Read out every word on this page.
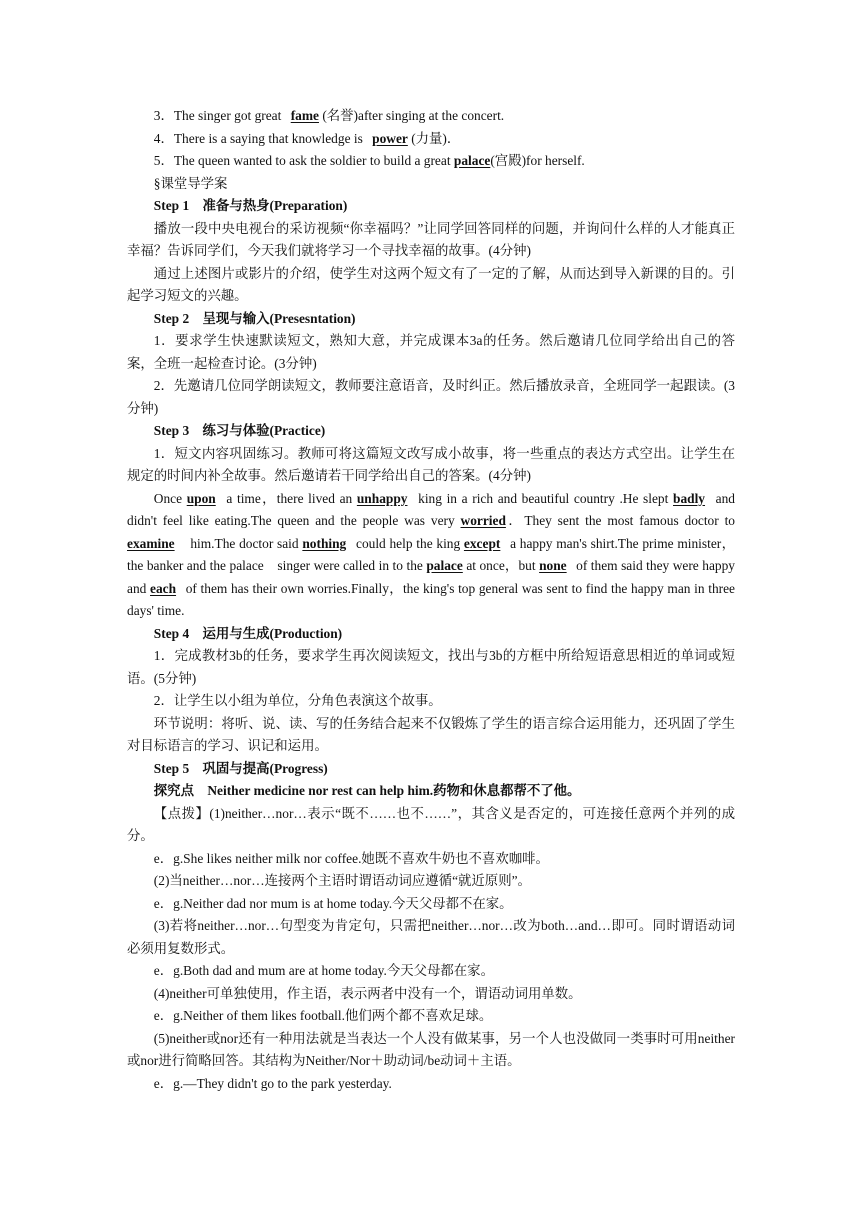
3．The singer got great fame (名誉)after singing at the concert.

4．There is a saying that knowledge is power (力量)．

5．The queen wanted to ask the soldier to build a great palace(宫殿)for herself.

§课堂导学案

Step 1　准备与热身(Preparation)

播放一段中央电视台的采访视频“你幸福吗？”让同学回答同样的问题，并询问什么样的人才能真正幸福？告诉同学们，今天我们就将学习一个寻找幸福的故事。(4分钟)

通过上述图片或影片的介绍，使学生对这两个短文有了一定的了解，从而达到导入新课的目的。引起学习短文的兴趣。

Step 2　呈现与输入(Presesntation)

1．要求学生快速默读短文，熟知大意，并完成课本3a的任务。然后邀请几位同学给出自己的答案，全班一起检查讨论。(3分钟)

2．先邀请几位同学朗读短文，教师要注意语音，及时纠正。然后播放录音，全班同学一起跟读。(3分钟)

Step 3　练习与体验(Practice)

1．短文内容巩固练习。教师可将这篇短文改写成小故事，将一些重点的表达方式空出。让学生在规定的时间内补全故事。然后邀请若干同学给出自己的答案。(4分钟)

Once upon a time，there lived an unhappy king in a rich and beautiful country .He slept badly and didn't feel like eating.The queen and the people was very worried．They sent the most famous doctor to examine him.The doctor said nothing could help the king except a happy man's shirt.The prime minister，the banker and the palace　singer were called in to the palace at once，but none of them said they were happy and each of them has their own worries.Finally，the king's top general was sent to find the happy man in three days' time.

Step 4　运用与生成(Production)

1．完成教材3b的任务，要求学生再次阅读短文，找出与3b的方框中所给短语意思相近的单词或短语。(5分钟)

2．让学生以小组为单位，分角色表演这个故事。

环节说明：将听、说、读、写的任务结合起来不仅锻炼了学生的语言综合运用能力，还巩固了学生对目标语言的学习、识记和运用。

Step 5　巩固与提高(Progress)

探究点　Neither medicine nor rest can help him.药物和休息都帮不了他。

【点拨】(1)neither…nor…表示“既不……也不……”，其含义是否定的，可连接任意两个并列的成分。

e．g.She likes neither milk nor coffee.她既不喜欢牛奶也不喜欢咖啡。

(2)当neither…nor…连接两个主语时谓语动词应遵循“就近原则”。

e．g.Neither dad nor mum is at home today.今天父母都不在家。

(3)若将neither…nor…句型变为肯定句，只需把neither…nor…改为both…and…即可。同时谓语动词必须用复数形式。

e．g.Both dad and mum are at home today.今天父母都在家。

(4)neither可单独使用，作主语，表示两者中没有一个，谓语动词用单数。

e．g.Neither of them likes football.他们两个都不喜欢足球。

(5)neither或nor还有一种用法就是当表达一个人没有做某事，另一个人也没做同一类事时可用neither或nor进行简略回答。其结构为Neither/Nor＋助动词/be动词＋主语。

e．g.—They didn't go to the park yesterday.
